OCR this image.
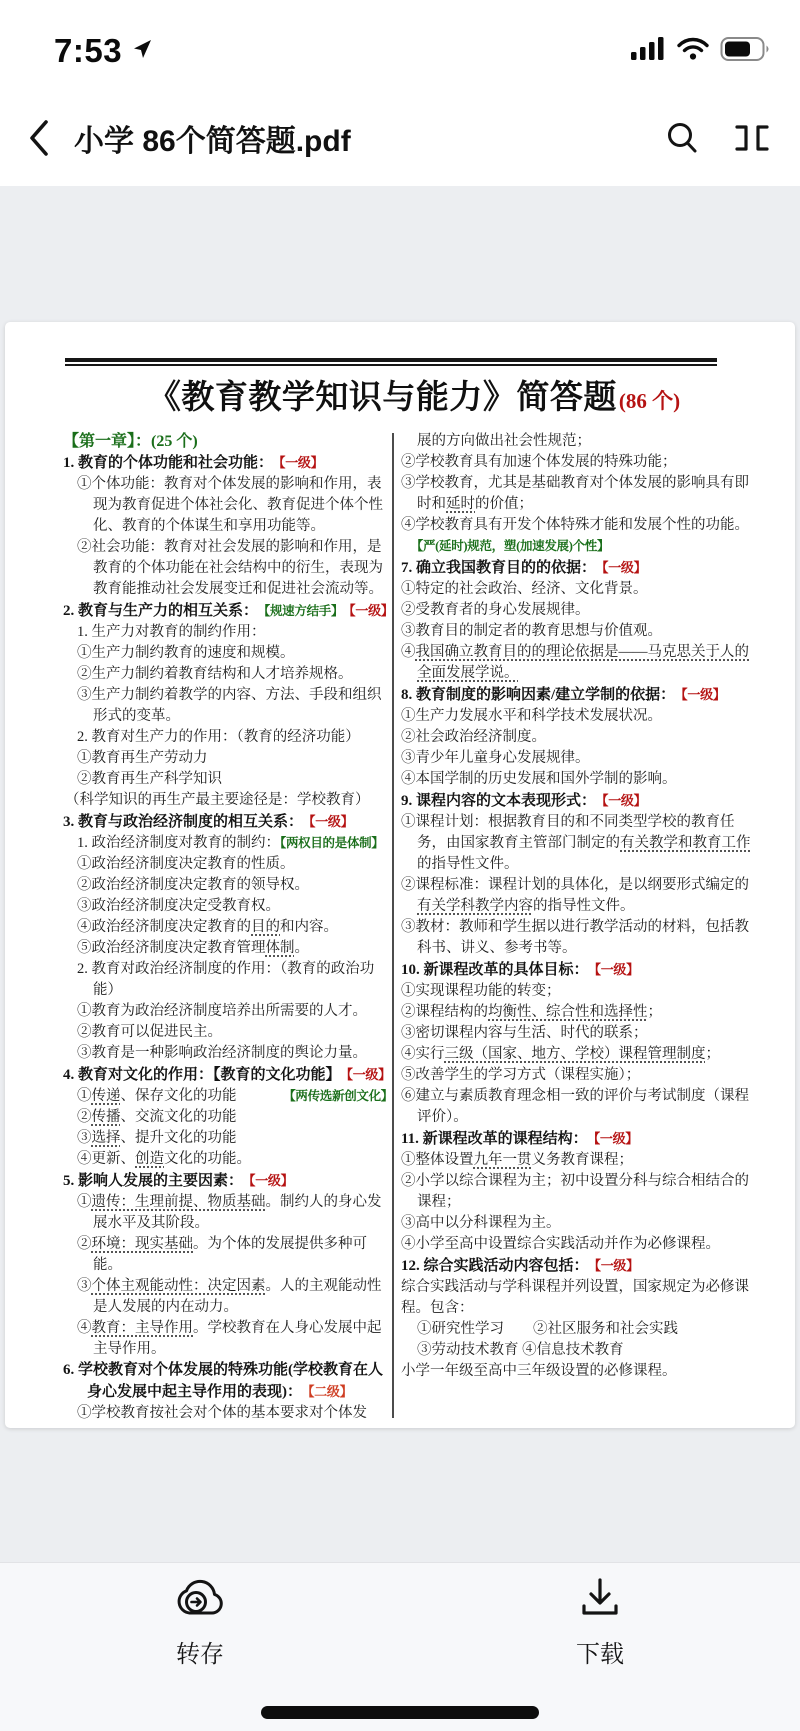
7:53
小学 86个简答题.pdf
《教育教学知识与能力》简答题(86 个)
【第一章】：(25 个)
1. 教育的个体功能和社会功能： 【一级】
①个体功能：教育对个体发展的影响和作用，表现为教育促进个体社会化、教育促进个体个性化、教育的个体谋生和享用功能等。
②社会功能：教育对社会发展的影响和作用，是教育的个体功能在社会结构中的衍生，表现为教育能推动社会发展变迁和促进社会流动等。
2. 教育与生产力的相互关系： 【规速方结手】 【一级】
1. 生产力对教育的制约作用：
①生产力制约教育的速度和规模。
②生产力制约着教育结构和人才培养规格。
③生产力制约着教学的内容、方法、手段和组织形式的变革。
2. 教育对生产力的作用：（教育的经济功能）
①教育再生产劳动力
②教育再生产科学知识
（科学知识的再生产最主要途径是：学校教育）
3. 教育与政治经济制度的相互关系： 【一级】
1. 政治经济制度对教育的制约：【两权目的是体制】
①政治经济制度决定教育的性质。
②政治经济制度决定教育的领导权。
③政治经济制度决定受教育权。
④政治经济制度决定教育的目的和内容。
⑤政治经济制度决定教育管理体制。
2. 教育对政治经济制度的作用：（教育的政治功能）
①教育为政治经济制度培养出所需要的人才。
②教育可以促进民主。
③教育是一种影响政治经济制度的舆论力量。
4. 教育对文化的作用：【教育的文化功能】 【一级】
①传递、保存文化的功能	【两传选新创文化】
②传播、交流文化的功能
③选择、提升文化的功能
④更新、创造文化的功能。
5. 影响人发展的主要因素： 【一级】
①遗传：生理前提、物质基础。制约人的身心发展水平及其阶段。
②环境：现实基础。为个体的发展提供多种可能。
③个体主观能动性：决定因素。人的主观能动性是人发展的内在动力。
④教育：主导作用。学校教育在人身心发展中起主导作用。
6. 学校教育对个体发展的特殊功能(学校教育在人身心发展中起主导作用的表现)： 【二级】
①学校教育按社会对个体的基本要求对个体发
展的方向做出社会性规范；
②学校教育具有加速个体发展的特殊功能；
③学校教育，尤其是基础教育对个体发展的影响具有即时和延时的价值；
④学校教育具有开发个体特殊才能和发展个性的功能。【严(延时)规范，塑(加速发展)个性】
7. 确立我国教育目的的依据： 【一级】
①特定的社会政治、经济、文化背景。
②受教育者的身心发展规律。
③教育目的制定者的教育思想与价值观。
④我国确立教育目的的理论依据是——马克思关于人的全面发展学说。
8. 教育制度的影响因素/建立学制的依据： 【一级】
①生产力发展水平和科学技术发展状况。
②社会政治经济制度。
③青少年儿童身心发展规律。
④本国学制的历史发展和国外学制的影响。
9. 课程内容的文本表现形式： 【一级】
①课程计划：根据教育目的和不同类型学校的教育任务，由国家教育主管部门制定的有关教学和教育工作的指导性文件。
②课程标准：课程计划的具体化，是以纲要形式编定的有关学科教学内容的指导性文件。
③教材：教师和学生据以进行教学活动的材料，包括教科书、讲义、参考书等。
10. 新课程改革的具体目标： 【一级】
①实现课程功能的转变；
②课程结构的均衡性、综合性和选择性；
③密切课程内容与生活、时代的联系；
④实行三级（国家、地方、学校）课程管理制度；
⑤改善学生的学习方式（课程实施）；
⑥建立与素质教育理念相一致的评价与考试制度（课程评价）。
11. 新课程改革的课程结构： 【一级】
①整体设置九年一贯义务教育课程；
②小学以综合课程为主；初中设置分科与综合相结合的课程；
③高中以分科课程为主。
④小学至高中设置综合实践活动并作为必修课程。
12. 综合实践活动内容包括： 【一级】
综合实践活动与学科课程并列设置，国家规定为必修课程。包含：
①研究性学习　　②社区服务和社会实践
③劳动技术教育 ④信息技术教育
小学一年级至高中三年级设置的必修课程。
转存	下载
